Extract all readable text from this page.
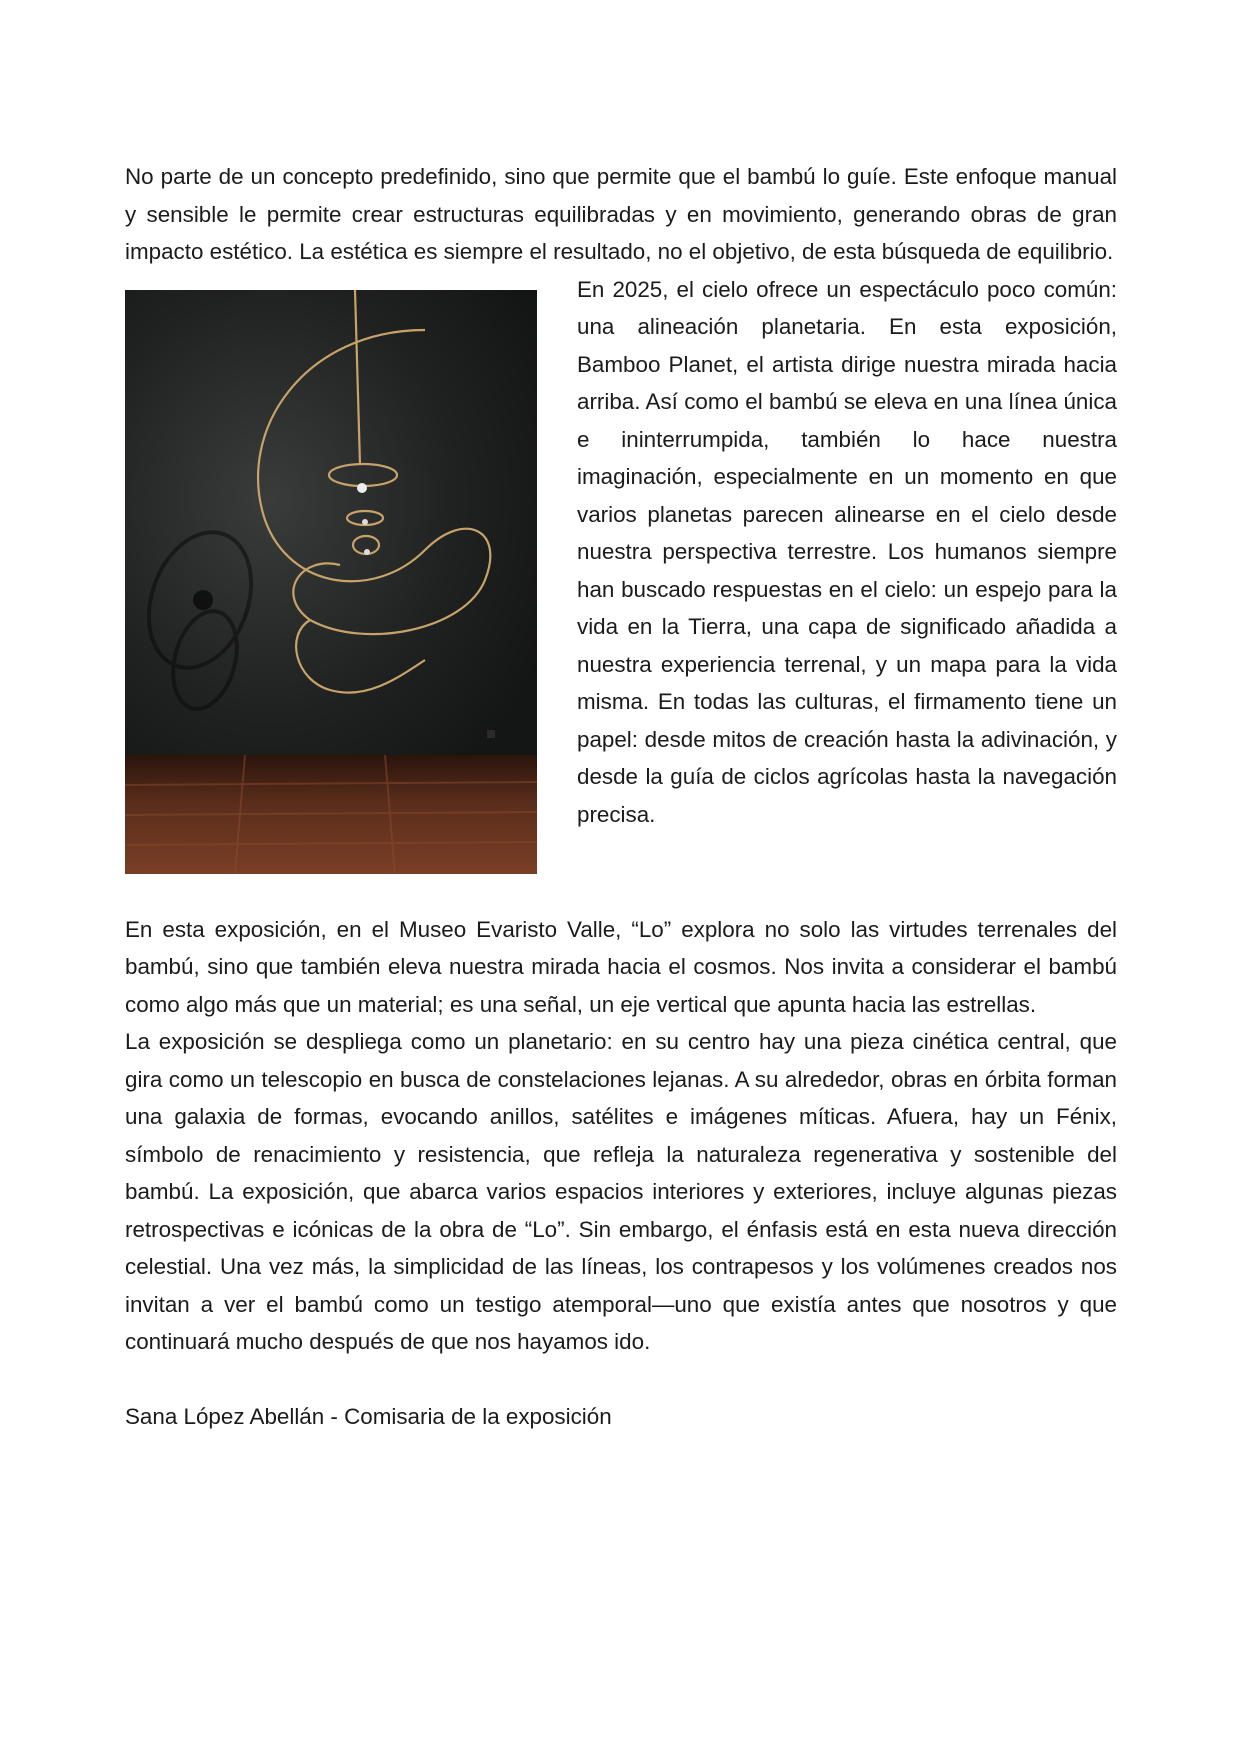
No parte de un concepto predefinido, sino que permite que el bambú lo guíe. Este enfoque manual y sensible le permite crear estructuras equilibradas y en movimiento, generando obras de gran impacto estético. La estética es siempre el resultado, no el objetivo, de esta búsqueda de equilibrio.

En 2025, el cielo ofrece un espectáculo poco común: una alineación planetaria. En esta exposición, Bamboo Planet, el artista dirige nuestra mirada hacia arriba. Así como el bambú se eleva en una línea única e ininterrumpida, también lo hace nuestra imaginación, especialmente en un momento en que varios planetas parecen alinearse en el cielo desde nuestra perspectiva terrestre. Los humanos siempre han buscado respuestas en el cielo: un espejo para la vida en la Tierra, una capa de significado añadida a nuestra experiencia terrenal, y un mapa para la vida misma. En todas las culturas, el firmamento tiene un papel: desde mitos de creación hasta la adivinación, y desde la guía de ciclos agrícolas hasta la navegación precisa.

En esta exposición, en el Museo Evaristo Valle, “Lo” explora no solo las virtudes terrenales del bambú, sino que también eleva nuestra mirada hacia el cosmos. Nos invita a considerar el bambú como algo más que un material; es una señal, un eje vertical que apunta hacia las estrellas.

La exposición se despliega como un planetario: en su centro hay una pieza cinética central, que gira como un telescopio en busca de constelaciones lejanas. A su alrededor, obras en órbita forman una galaxia de formas, evocando anillos, satélites e imágenes míticas. Afuera, hay un Fénix, símbolo de renacimiento y resistencia, que refleja la naturaleza regenerativa y sostenible del bambú. La exposición, que abarca varios espacios interiores y exteriores, incluye algunas piezas retrospectivas e icónicas de la obra de “Lo”. Sin embargo, el énfasis está en esta nueva dirección celestial. Una vez más, la simplicidad de las líneas, los contrapesos y los volúmenes creados nos invitan a ver el bambú como un testigo atemporal—uno que existía antes que nosotros y que continuará mucho después de que nos hayamos ido.

Sana López Abellán - Comisaria de la exposición
